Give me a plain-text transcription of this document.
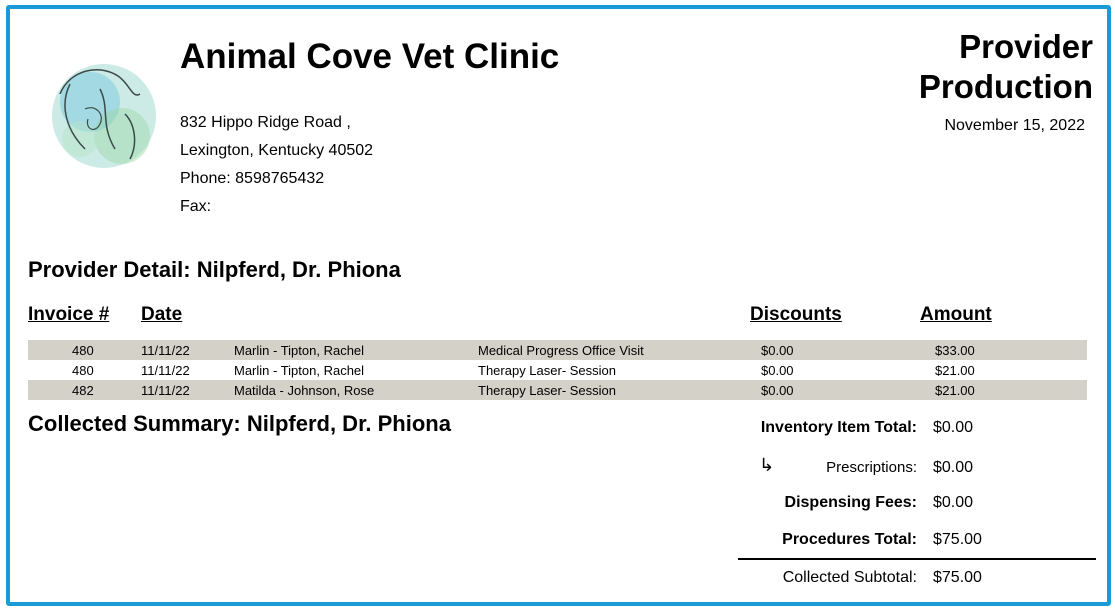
Animal Cove Vet Clinic
832 Hippo Ridge Road ,
Lexington, Kentucky 40502
Phone: 8598765432
Fax:
Provider
Production
November 15, 2022
Provider Detail: Nilpferd, Dr. Phiona
Invoice # Date	Discounts	Amount
480	11/11/22	Marlin - Tipton, Rachel	Medical Progress Office Visit	$0.00	$33.00
480	11/11/22	Marlin - Tipton, Rachel	Therapy Laser- Session	$0.00	$21.00
482	11/11/22	Matilda - Johnson, Rose	Therapy Laser- Session	$0.00	$21.00
Collected Summary: Nilpferd, Dr. Phiona	Inventory Item Total: $0.00
↳	Prescriptions: $0.00
Dispensing Fees: $0.00
Procedures Total: $75.00
Collected Subtotal: $75.00
